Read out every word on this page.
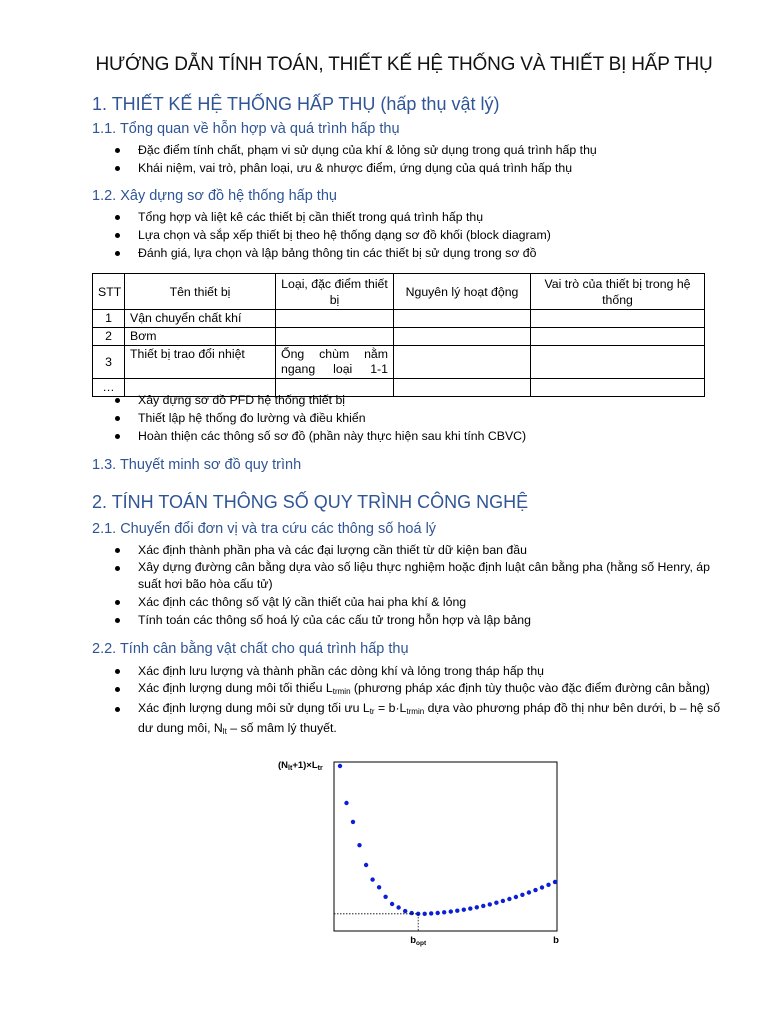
HƯỚNG DẪN TÍNH TOÁN, THIẾT KẾ HỆ THỐNG VÀ THIẾT BỊ HẤP THỤ
1. THIẾT KẾ HỆ THỐNG HẤP THỤ (hấp thụ vật lý)
1.1. Tổng quan về hỗn hợp và quá trình hấp thụ
Đặc điểm tính chất, phạm vi sử dụng của khí & lỏng sử dụng trong quá trình hấp thụ
Khái niệm, vai trò, phân loại, ưu & nhược điểm, ứng dụng của quá trình hấp thụ
1.2. Xây dựng sơ đồ hệ thống hấp thụ
Tổng hợp và liệt kê các thiết bị cần thiết trong quá trình hấp thụ
Lựa chọn và sắp xếp thiết bị theo hệ thống dạng sơ đồ khối (block diagram)
Đánh giá, lựa chọn và lập bảng thông tin các thiết bị sử dụng trong sơ đồ
STT	Tên thiết bị	Loại, đặc điểm thiết bị	Nguyên lý hoạt động	Vai trò của thiết bị trong hệ thống
1	Vận chuyển chất khí			
2	Bơm			
3	Thiết bị trao đổi nhiệt	Ống chùm nằm ngang loại 1-1		
…				
Xây dựng sơ đồ PFD hệ thống thiết bị
Thiết lập hệ thống đo lường và điều khiển
Hoàn thiện các thông số sơ đồ (phần này thực hiện sau khi tính CBVC)
1.3. Thuyết minh sơ đồ quy trình
2. TÍNH TOÁN THÔNG SỐ QUY TRÌNH CÔNG NGHỆ
2.1. Chuyển đổi đơn vị và tra cứu các thông số hoá lý
Xác định thành phần pha và các đại lượng cần thiết từ dữ kiện ban đầu
Xây dựng đường cân bằng dựa vào số liệu thực nghiệm hoặc định luật cân bằng pha (hằng số Henry, áp suất hơi bão hòa cấu tử)
Xác định các thông số vật lý cần thiết của hai pha khí & lỏng
Tính toán các thông số hoá lý của các cấu tử trong hỗn hợp và lập bảng
2.2. Tính cân bằng vật chất cho quá trình hấp thụ
Xác định lưu lượng và thành phần các dòng khí và lỏng trong tháp hấp thụ
Xác định lượng dung môi tối thiểu $L_{trmin}$ (phương pháp xác định tùy thuộc vào đặc điểm đường cân bằng)
Xác định lượng dung môi sử dụng tối ưu $L_{tr} = b\cdot L_{trmin}$ dựa vào phương pháp đồ thị như bên dưới, b – hệ số dư dung môi, $N_{lt}$ – số mâm lý thuyết.
$(N_{lt}+1)\times L_{tr}$
$b_{opt}$	b
